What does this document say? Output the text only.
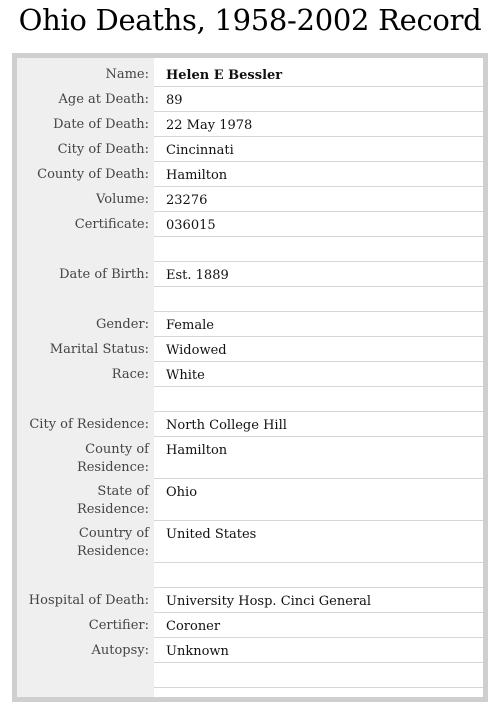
Ohio Deaths, 1958-2002 Record
Name: Helen E Bessler
Age at Death: 89
Date of Death: 22 May 1978
City of Death: Cincinnati
County of Death: Hamilton
Volume: 23276
Certificate: 036015
Date of Birth: Est. 1889
Gender: Female
Marital Status: Widowed
Race: White
City of Residence: North College Hill
County of
Residence:
Hamilton
State of
Residence:
Ohio
Country of
Residence:
United States
Hospital of Death: University Hosp. Cinci General
Certifier: Coroner
Autopsy: Unknown
